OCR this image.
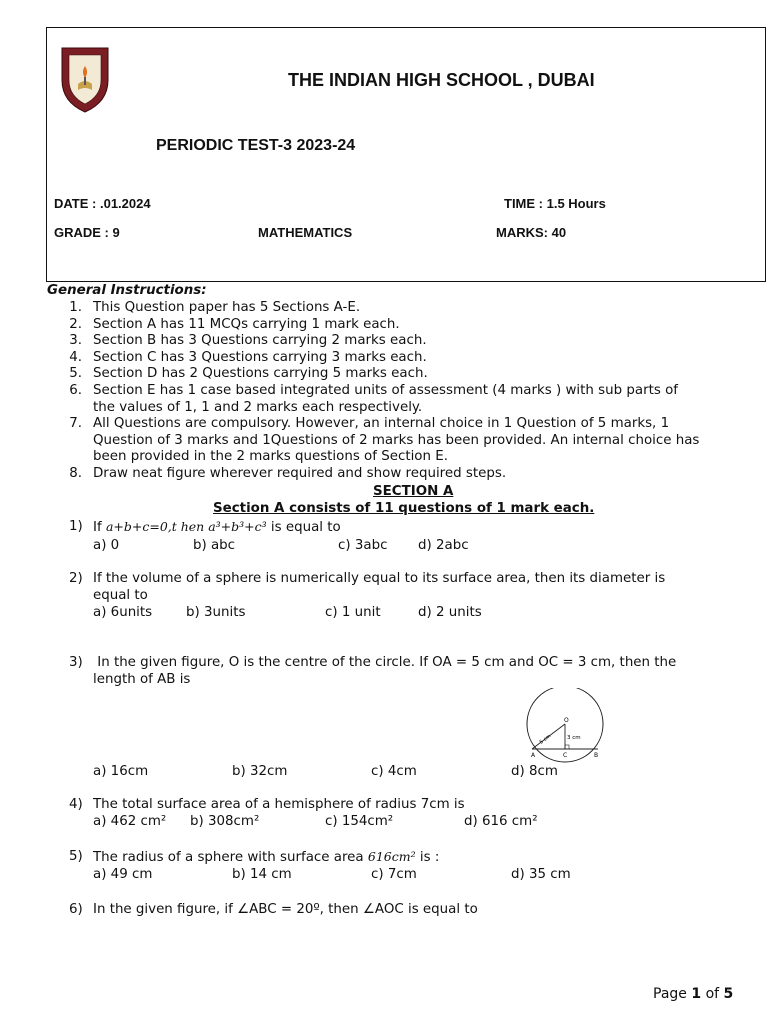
THE INDIAN HIGH SCHOOL , DUBAI
PERIODIC TEST-3 2023-24
DATE : .01.2024	TIME : 1.5 Hours
GRADE : 9	MATHEMATICS	MARKS: 40
General Instructions:
1. This Question paper has 5 Sections A-E.
2. Section A has 11 MCQs carrying 1 mark each.
3. Section B has 3 Questions carrying 2 marks each.
4. Section C has 3 Questions carrying 3 marks each.
5. Section D has 2 Questions carrying 5 marks each.
6. Section E has 1 case based integrated units of assessment (4 marks ) with sub parts of
the values of 1, 1 and 2 marks each respectively.
7. All Questions are compulsory. However, an internal choice in 1 Question of 5 marks, 1
Question of 3 marks and 1Questions of 2 marks has been provided. An internal choice has
been provided in the 2 marks questions of Section E.
8. Draw neat figure wherever required and show required steps.
SECTION A
Section A consists of 11 questions of 1 mark each.
1) If a+b+c=0,t hen a³+b³+c³ is equal to
a) 0	b) abc	c) 3abc d) 2abc
2) If the volume of a sphere is numerically equal to its surface area, then its diameter is
equal to
a) 6units	b) 3units	c) 1 unit	d) 2 units
3) In the given figure, O is the centre of the circle. If OA = 5 cm and OC = 3 cm, then the
length of AB is
O
A	B
C
3 cm
5 cm
a) 16cm	b) 32cm	c) 4cm	d) 8cm
4) The total surface area of a hemisphere of radius 7cm is
a) 462 cm² b) 308cm²	c) 154cm²	d) 616 cm²
5) The radius of a sphere with surface area 616cm² is :
a) 49 cm	b) 14 cm	c) 7cm	d) 35 cm
6) In the given figure, if ∠ABC = 20º, then ∠AOC is equal to
Page 1 of 5
